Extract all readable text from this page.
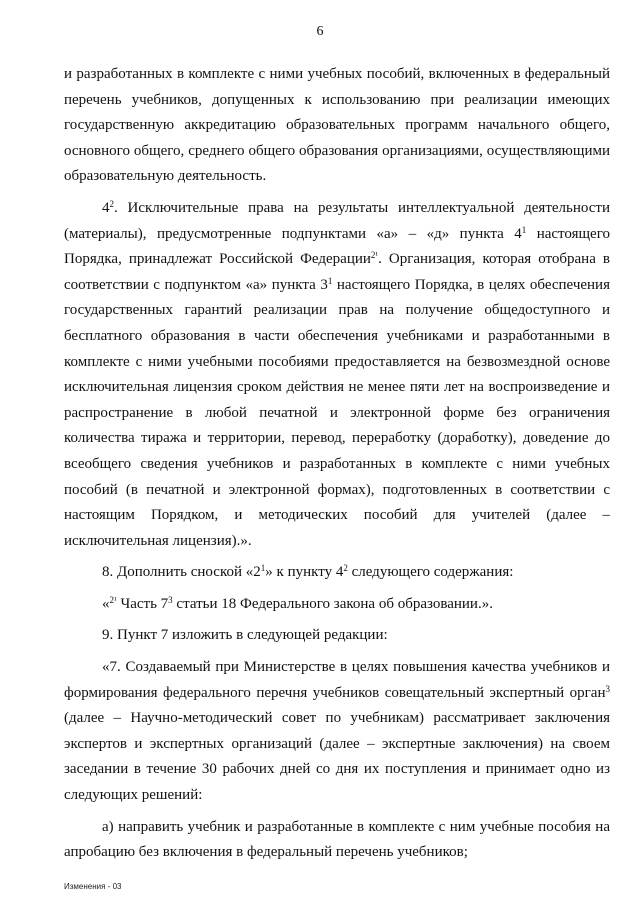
6

и разработанных в комплекте с ними учебных пособий, включенных в федеральный перечень учебников, допущенных к использованию при реализации имеющих государственную аккредитацию образовательных программ начального общего, основного общего, среднего общего образования организациями, осуществляющими образовательную деятельность.

$4^2$. Исключительные права на результаты интеллектуальной деятельности (материалы), предусмотренные подпунктами «а» – «д» пункта $4^1$ настоящего Порядка, принадлежат Российской Федерации$^{2^1}$. Организация, которая отобрана в соответствии с подпунктом «а» пункта $3^1$ настоящего Порядка, в целях обеспечения государственных гарантий реализации прав на получение общедоступного и бесплатного образования в части обеспечения учебниками и разработанными в комплекте с ними учебными пособиями предоставляется на безвозмездной основе исключительная лицензия сроком действия не менее пяти лет на воспроизведение и распространение в любой печатной и электронной форме без ограничения количества тиража и территории, перевод, переработку (доработку), доведение до всеобщего сведения учебников и разработанных в комплекте с ними учебных пособий (в печатной и электронной формах), подготовленных в соответствии с настоящим Порядком, и методических пособий для учителей (далее – исключительная лицензия).».

8. Дополнить сноской «$2^1$» к пункту $4^2$ следующего содержания:

«$^{2^1}$ Часть $7^3$ статьи 18 Федерального закона об образовании.».

9. Пункт 7 изложить в следующей редакции:

«7. Создаваемый при Министерстве в целях повышения качества учебников и формирования федерального перечня учебников совещательный экспертный орган$^3$ (далее – Научно-методический совет по учебникам) рассматривает заключения экспертов и экспертных организаций (далее – экспертные заключения) на своем заседании в течение 30 рабочих дней со дня их поступления и принимает одно из следующих решений:

а) направить учебник и разработанные в комплекте с ним учебные пособия на апробацию без включения в федеральный перечень учебников;

Изменения - 03
